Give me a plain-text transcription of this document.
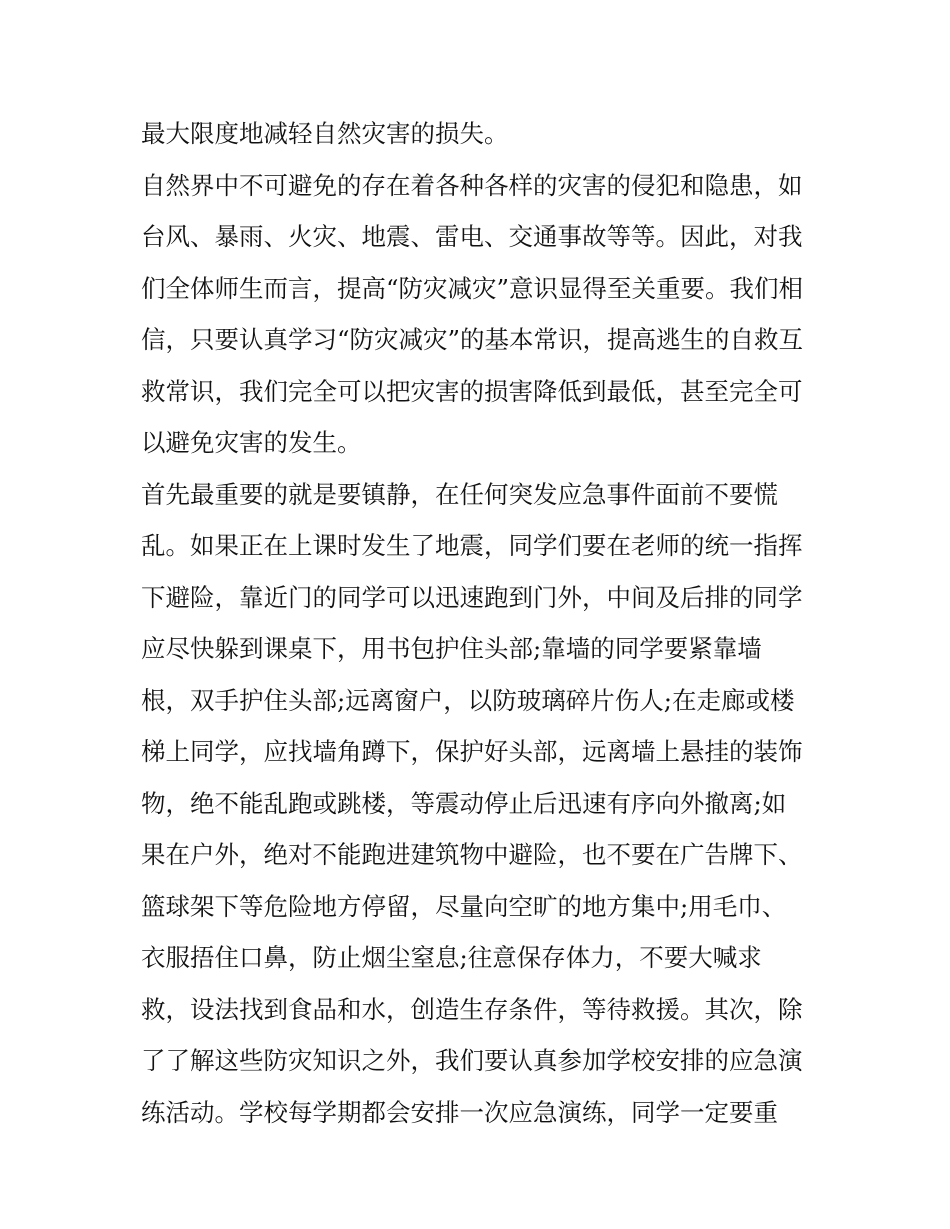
最大限度地减轻自然灾害的损失。
自然界中不可避免的存在着各种各样的灾害的侵犯和隐患，如
台风、暴雨、火灾、地震、雷电、交通事故等等。因此，对我
们全体师生而言，提高“防灾减灾”意识显得至关重要。我们相
信，只要认真学习“防灾减灾”的基本常识，提高逃生的自救互
救常识，我们完全可以把灾害的损害降低到最低，甚至完全可
以避免灾害的发生。
首先最重要的就是要镇静，在任何突发应急事件面前不要慌
乱。如果正在上课时发生了地震，同学们要在老师的统一指挥
下避险，靠近门的同学可以迅速跑到门外，中间及后排的同学
应尽快躲到课桌下，用书包护住头部;靠墙的同学要紧靠墙
根，双手护住头部;远离窗户，以防玻璃碎片伤人;在走廊或楼
梯上同学，应找墙角蹲下，保护好头部，远离墙上悬挂的装饰
物，绝不能乱跑或跳楼，等震动停止后迅速有序向外撤离;如
果在户外，绝对不能跑进建筑物中避险，也不要在广告牌下、
篮球架下等危险地方停留，尽量向空旷的地方集中;用毛巾、
衣服捂住口鼻，防止烟尘窒息;往意保存体力，不要大喊求
救，设法找到食品和水，创造生存条件，等待救援。其次，除
了了解这些防灾知识之外，我们要认真参加学校安排的应急演
练活动。学校每学期都会安排一次应急演练，同学一定要重
